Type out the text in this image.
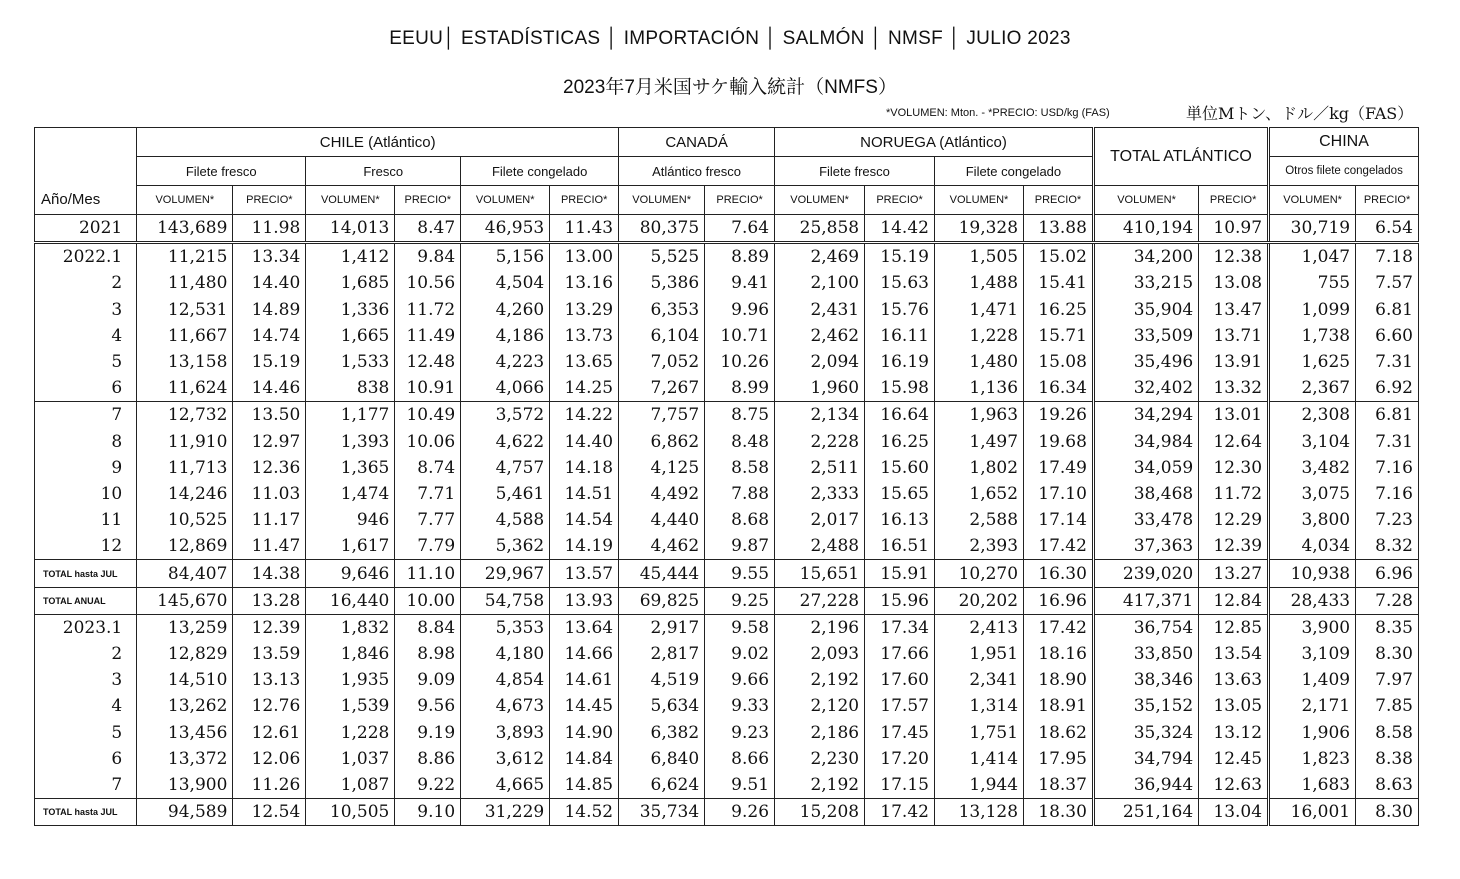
EEUU│ ESTADÍSTICAS │ IMPORTACIÓN │ SALMÓN │ NMSF │ JULIO 2023
2023年7月米国サケ輸入統計（NMFS）
*VOLUMEN: Mton. - *PRECIO: USD/kg (FAS)	単位Mトン、ドル／kg（FAS）
Año/Mes	CHILE (Atlántico)						CANADÁ		NORUEGA (Atlántico)				TOTAL ATLÁNTICO		CHINA	
	Filete fresco		Fresco		Filete congelado		Atlántico fresco		Filete fresco		Filete congelado				Otros filete congelados	
	VOLUMEN*	PRECIO*	VOLUMEN*	PRECIO*	VOLUMEN*	PRECIO*	VOLUMEN*	PRECIO*	VOLUMEN*	PRECIO*	VOLUMEN*	PRECIO*	VOLUMEN*	PRECIO*	VOLUMEN*	PRECIO*
2021	143,689	11.98	14,013	8.47	46,953	11.43	80,375	7.64	25,858	14.42	19,328	13.88	410,194	10.97	30,719	6.54
2022.1	11,215	13.34	1,412	9.84	5,156	13.00	5,525	8.89	2,469	15.19	1,505	15.02	34,200	12.38	1,047	7.18
2	11,480	14.40	1,685	10.56	4,504	13.16	5,386	9.41	2,100	15.63	1,488	15.41	33,215	13.08	755	7.57
3	12,531	14.89	1,336	11.72	4,260	13.29	6,353	9.96	2,431	15.76	1,471	16.25	35,904	13.47	1,099	6.81
4	11,667	14.74	1,665	11.49	4,186	13.73	6,104	10.71	2,462	16.11	1,228	15.71	33,509	13.71	1,738	6.60
5	13,158	15.19	1,533	12.48	4,223	13.65	7,052	10.26	2,094	16.19	1,480	15.08	35,496	13.91	1,625	7.31
6	11,624	14.46	838	10.91	4,066	14.25	7,267	8.99	1,960	15.98	1,136	16.34	32,402	13.32	2,367	6.92
7	12,732	13.50	1,177	10.49	3,572	14.22	7,757	8.75	2,134	16.64	1,963	19.26	34,294	13.01	2,308	6.81
8	11,910	12.97	1,393	10.06	4,622	14.40	6,862	8.48	2,228	16.25	1,497	19.68	34,984	12.64	3,104	7.31
9	11,713	12.36	1,365	8.74	4,757	14.18	4,125	8.58	2,511	15.60	1,802	17.49	34,059	12.30	3,482	7.16
10	14,246	11.03	1,474	7.71	5,461	14.51	4,492	7.88	2,333	15.65	1,652	17.10	38,468	11.72	3,075	7.16
11	10,525	11.17	946	7.77	4,588	14.54	4,440	8.68	2,017	16.13	2,588	17.14	33,478	12.29	3,800	7.23
12	12,869	11.47	1,617	7.79	5,362	14.19	4,462	9.87	2,488	16.51	2,393	17.42	37,363	12.39	4,034	8.32
TOTAL hasta JUL	84,407	14.38	9,646	11.10	29,967	13.57	45,444	9.55	15,651	15.91	10,270	16.30	239,020	13.27	10,938	6.96
TOTAL ANUAL	145,670	13.28	16,440	10.00	54,758	13.93	69,825	9.25	27,228	15.96	20,202	16.96	417,371	12.84	28,433	7.28
2023.1	13,259	12.39	1,832	8.84	5,353	13.64	2,917	9.58	2,196	17.34	2,413	17.42	36,754	12.85	3,900	8.35
2	12,829	13.59	1,846	8.98	4,180	14.66	2,817	9.02	2,093	17.66	1,951	18.16	33,850	13.54	3,109	8.30
3	14,510	13.13	1,935	9.09	4,854	14.61	4,519	9.66	2,192	17.60	2,341	18.90	38,346	13.63	1,409	7.97
4	13,262	12.76	1,539	9.56	4,673	14.45	5,634	9.33	2,120	17.57	1,314	18.91	35,152	13.05	2,171	7.85
5	13,456	12.61	1,228	9.19	3,893	14.90	6,382	9.23	2,186	17.45	1,751	18.62	35,324	13.12	1,906	8.58
6	13,372	12.06	1,037	8.86	3,612	14.84	6,840	8.66	2,230	17.20	1,414	17.95	34,794	12.45	1,823	8.38
7	13,900	11.26	1,087	9.22	4,665	14.85	6,624	9.51	2,192	17.15	1,944	18.37	36,944	12.63	1,683	8.63
TOTAL hasta JUL	94,589	12.54	10,505	9.10	31,229	14.52	35,734	9.26	15,208	17.42	13,128	18.30	251,164	13.04	16,001	8.30
